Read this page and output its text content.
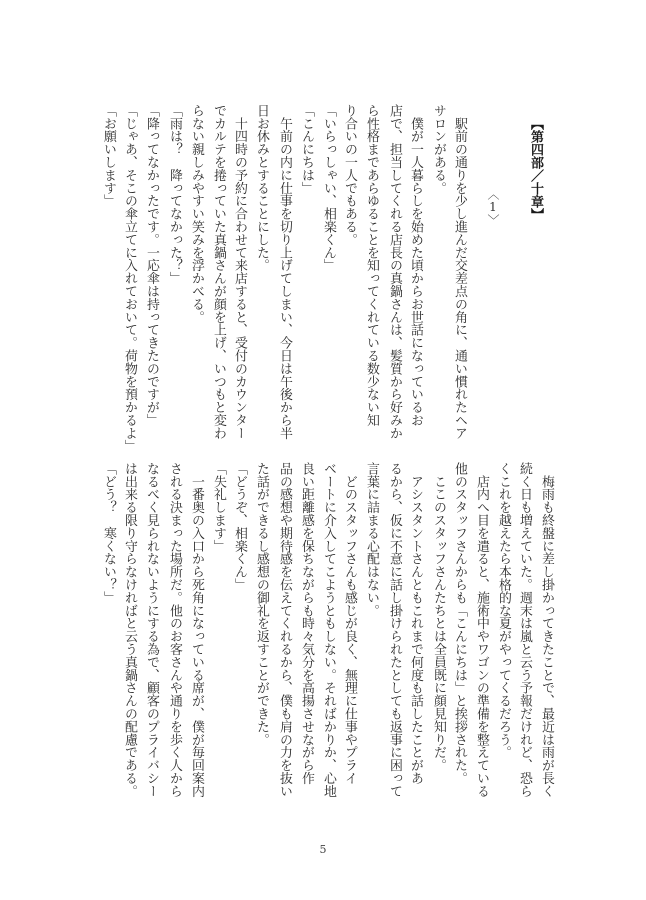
【第四部／十章】
〈1〉
　駅前の通りを少し進んだ交差点の角に、通い慣れたヘア
サロンがある。
　僕が一人暮らしを始めた頃からお世話になっているお
店で、担当してくれる店長の真鍋さんは、髪質から好みか
ら性格まであらゆることを知ってくれている数少ない知
り合いの一人でもある。
「いらっしゃい、相楽くん」
「こんにちは」
　午前の内に仕事を切り上げてしまい、今日は午後から半
日お休みとすることにした。
　十四時の予約に合わせて来店すると、受付のカウンター
でカルテを捲っていた真鍋さんが顔を上げ、いつもと変わ
らない親しみやすい笑みを浮かべる。
「雨は？　降ってなかった？」
「降ってなかったです。一応傘は持ってきたのですが」
「じゃあ、そこの傘立てに入れておいて。荷物を預かるよ」
「お願いします」
　梅雨も終盤に差し掛かってきたことで、最近は雨が長く
続く日も増えていた。週末は嵐と云う予報だけれど、恐ら
くこれを越えたら本格的な夏がやってくるだろう。
　店内へ目を遣ると、施術中やワゴンの準備を整えている
他のスタッフさんからも「こんにちは」と挨拶された。
　ここのスタッフさんたちとは全員既に顔見知りだ。
　アシスタントさんともこれまで何度も話したことがあ
るから、仮に不意に話し掛けられたとしても返事に困って
言葉に詰まる心配はない。
　どのスタッフさんも感じが良く、無理に仕事やプライ
ベートに介入してこようともしない。そればかりか、心地
良い距離感を保ちながらも時々気分を高揚させながら作
品の感想や期待感を伝えてくれるから、僕も肩の力を抜い
た話ができるし感想の御礼を返すことができた。
「どうぞ、相楽くん」
「失礼します」
　一番奥の入口から死角になっている席が、僕が毎回案内
される決まった場所だ。他のお客さんや通りを歩く人から
なるべく見られないようにする為で、顧客のプライバシー
は出来る限り守らなければと云う真鍋さんの配慮である。
「どう？　寒くない？」
5
